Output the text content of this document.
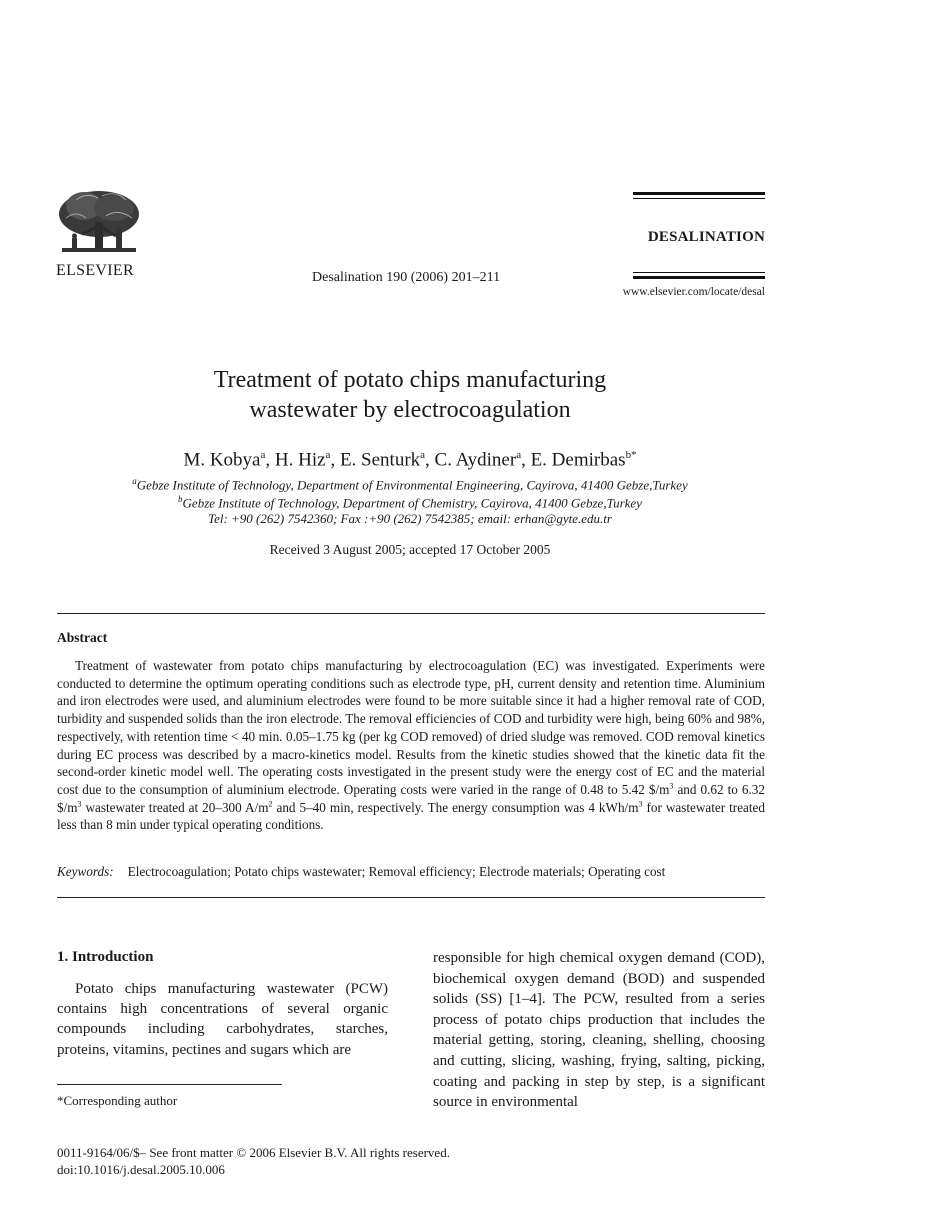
ELSEVIER	Desalination 190 (2006) 201–211
DESALINATION
www.elsevier.com/locate/desal
Treatment of potato chips manufacturing
wastewater by electrocoagulation
M. Kobya$^a$, H. Hiz$^a$, E. Senturk$^a$, C. Aydiner$^a$, E. Demirbas$^{b*}$
$^a$Gebze Institute of Technology, Department of Environmental Engineering, Cayirova, 41400 Gebze,Turkey
$^b$Gebze Institute of Technology, Department of Chemistry, Cayirova, 41400 Gebze,Turkey
Tel: +90 (262) 7542360; Fax :+90 (262) 7542385; email: erhan@gyte.edu.tr
Received 3 August 2005; accepted 17 October 2005
Abstract

Treatment of wastewater from potato chips manufacturing by electrocoagulation (EC) was investigated. Experiments were conducted to determine the optimum operating conditions such as electrode type, pH, current density and retention time. Aluminium and iron electrodes were used, and aluminium electrodes were found to be more suitable since it had a higher removal rate of COD, turbidity and suspended solids than the iron electrode. The removal efficiencies of COD and turbidity were high, being 60% and 98%, respectively, with retention time < 40 min. 0.05–1.75 kg (per kg COD removed) of dried sludge was removed. COD removal kinetics during EC process was described by a macro-kinetics model. Results from the kinetic studies showed that the kinetic data fit the second-order kinetic model well. The operating costs investigated in the present study were the energy cost of EC and the material cost due to the consumption of aluminium electrode. Operating costs were varied in the range of 0.48 to 5.42 $\$/m^3$ and 0.62 to 6.32 $\$/m^3$ wastewater treated at 20–300 $A/m^2$ and 5–40 min, respectively. The energy consumption was 4 kWh/$m^3$ for wastewater treated less than 8 min under typical operating conditions.

Keywords: Electrocoagulation; Potato chips wastewater; Removal efficiency; Electrode materials; Operating cost
1. Introduction

Potato chips manufacturing wastewater (PCW) contains high concentrations of several organic compounds including carbohydrates, starches, proteins, vitamins, pectines and sugars which are

responsible for high chemical oxygen demand (COD), biochemical oxygen demand (BOD) and suspended solids (SS) [1–4]. The PCW, resulted from a series process of potato chips production that includes the material getting, storing, cleaning, shelling, choosing and cutting, slicing, washing, frying, salting, picking, coating and packing in step by step, is a significant source in environmental

*Corresponding author
0011-9164/06/$– See front matter © 2006 Elsevier B.V. All rights reserved.
doi:10.1016/j.desal.2005.10.006
